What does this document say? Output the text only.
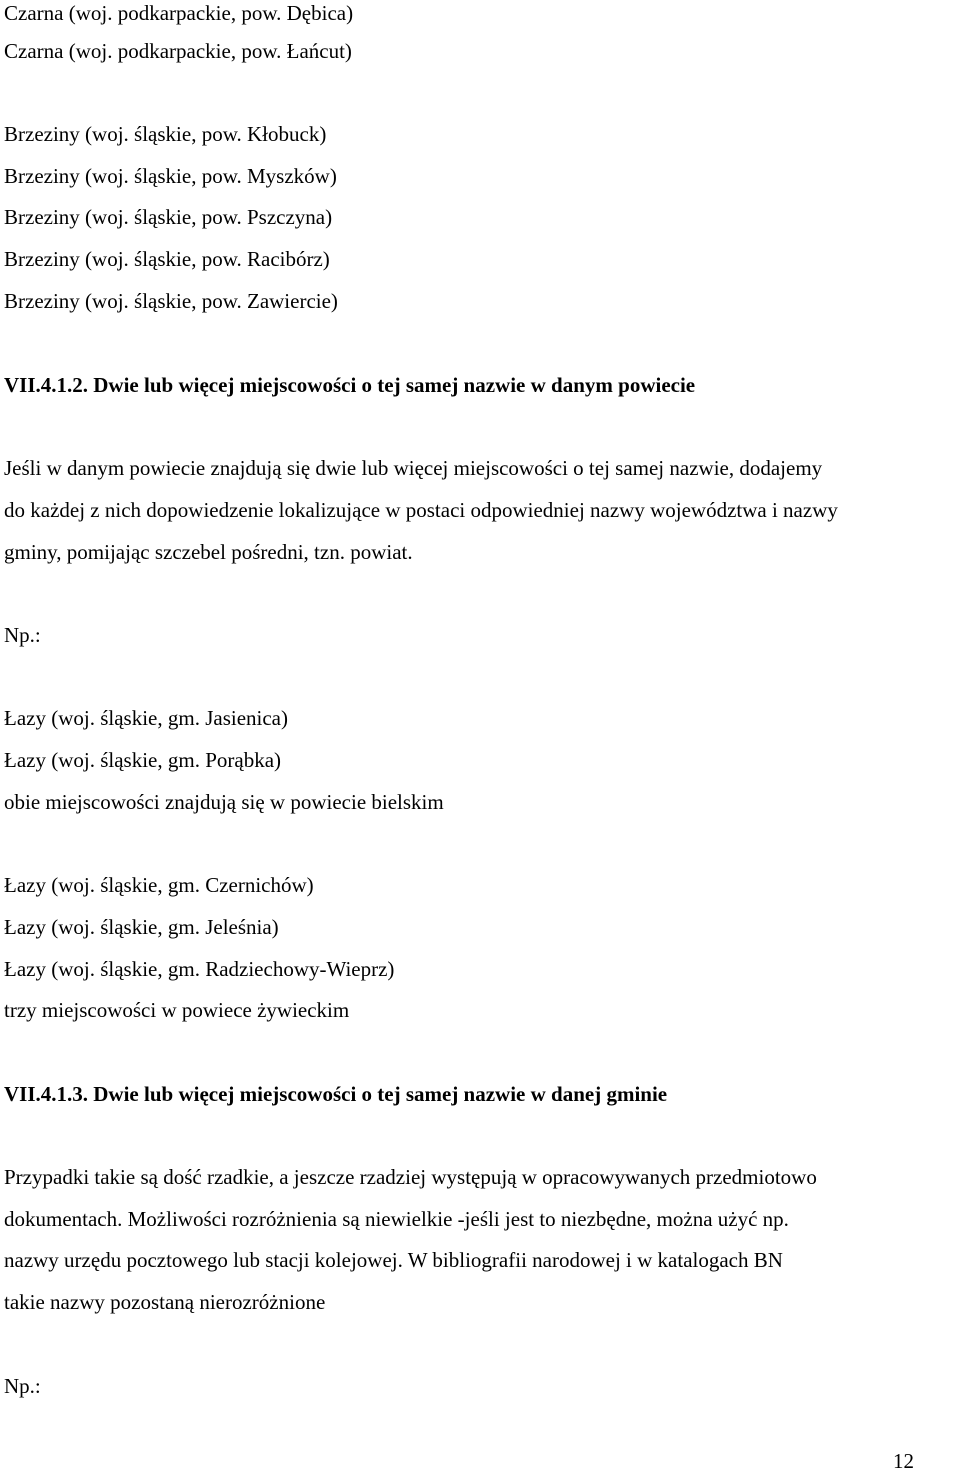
Czarna (woj. podkarpackie, pow. Dębica)

Czarna (woj. podkarpackie, pow. Łańcut)

Brzeziny (woj. śląskie, pow. Kłobuck)

Brzeziny (woj. śląskie, pow. Myszków)

Brzeziny (woj. śląskie, pow. Pszczyna)

Brzeziny (woj. śląskie, pow. Racibórz)

Brzeziny (woj. śląskie, pow. Zawiercie)

VII.4.1.2. Dwie lub więcej miejscowości o tej samej nazwie w danym powiecie

Jeśli w danym powiecie znajdują się dwie lub więcej miejscowości o tej samej nazwie, dodajemy

do każdej z nich dopowiedzenie lokalizujące w postaci odpowiedniej nazwy województwa i nazwy

gminy, pomijając szczebel pośredni, tzn. powiat.

Np.:

Łazy (woj. śląskie, gm. Jasienica)

Łazy (woj. śląskie, gm. Porąbka)

obie miejscowości znajdują się w powiecie bielskim

Łazy (woj. śląskie, gm. Czernichów)

Łazy (woj. śląskie, gm. Jeleśnia)

Łazy (woj. śląskie, gm. Radziechowy-Wieprz)

trzy miejscowości w powiece żywieckim

VII.4.1.3. Dwie lub więcej miejscowości o tej samej nazwie w danej gminie

Przypadki takie są dość rzadkie, a jeszcze rzadziej występują w opracowywanych przedmiotowo

dokumentach. Możliwości rozróżnienia są niewielkie -jeśli jest to niezbędne, można użyć np.

nazwy urzędu pocztowego lub stacji kolejowej. W bibliografii narodowej i w katalogach BN

takie nazwy pozostaną nierozróżnione

Np.:

12
